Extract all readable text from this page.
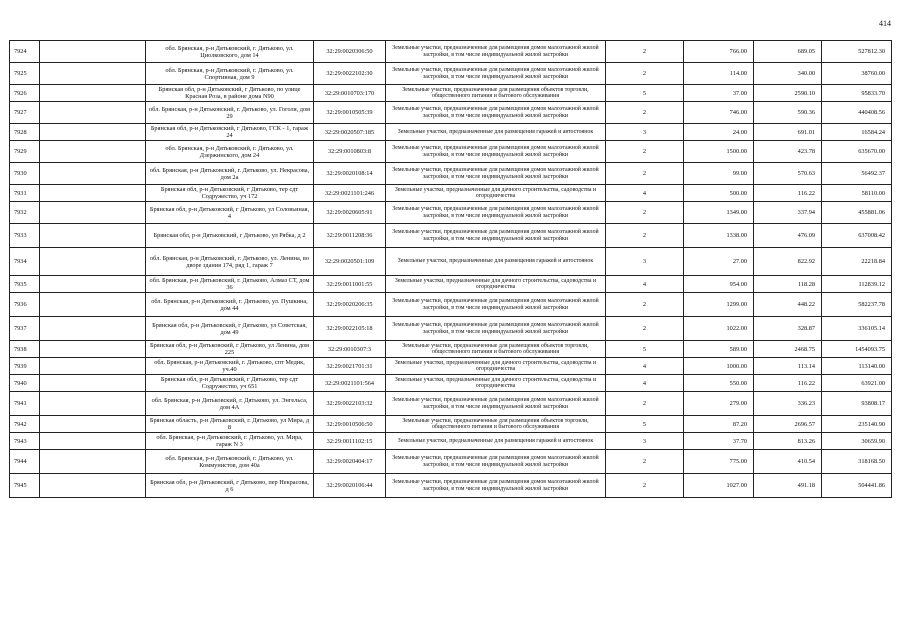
414
7924		обл. Брянская, р-н Дятьковский, г. Дятьково, ул. Циолковского, дом 14	32:29:0020306:50	Земельные участки, предназначенные для размещения домов малоэтажной жилой застройки, в том числе индивидуальной жилой застройки	2	766.00	689.05	527812.30
7925		обл. Брянская, р-н Дятьковский, г. Дятьково, ул. Спортивная, дом 9	32:29:0022102:30	Земельные участки, предназначенные для размещения домов малоэтажной жилой застройки, в том числе индивидуальной жилой застройки	2	114.00	340.00	38760.00
7926		Брянская обл, р-н Дятьковский, г Дятьково, по улице Красная Роза, в районе дома N90	32:29:0010703:170	Земельные участки, предназначенные для размещения объектов торговли, общественного питания и бытового обслуживания	5	37.00	2590.10	95833.70
7927		обл. Брянская, р-н Дятьковский, г. Дятьково, ул. Гоголя, дом 29	32:29:0010505:39	Земельные участки, предназначенные для размещения домов малоэтажной жилой застройки, в том числе индивидуальной жилой застройки	2	746.00	590.36	440408.56
7928		Брянская обл, р-н Дятьковский, г Дятьково, ГСК - 1, гараж 24	32:29:0020507:185	Земельные участки, предназначенные для размещения гаражей и автостоянок	3	24.00	691.01	16584.24
7929		обл. Брянская, р-н Дятьковский, г. Дятьково, ул. Дзержинского, дом 24	32:29:0010803:8	Земельные участки, предназначенные для размещения домов малоэтажной жилой застройки, в том числе индивидуальной жилой застройки	2	1500.00	423.78	635670.00
7930		обл. Брянская, р-н Дятьковский, г. Дятьково, ул. Некрасова, дом 2а	32:29:0020108:14	Земельные участки, предназначенные для размещения домов малоэтажной жилой застройки, в том числе индивидуальной жилой застройки	2	99.00	570.63	56492.37
7931		Брянская обл, р-н Дятьковский, г Дятьково, тер сдт Содружество, уч 172	32:29:0021101:246	Земельные участки, предназначенные для дачного строительства, садоводства и огородничества	4	500.00	116.22	58110.00
7932		Брянская обл, р-н Дятьковский, г Дятьково, ул Соловьиная, 4	32:29:0020605:91	Земельные участки, предназначенные для размещения домов малоэтажной жилой застройки, в том числе индивидуальной жилой застройки	2	1349.00	337.94	455881.06
7933		Брянская обл, р-н Дятьковский, г Дятьково, ул Рябка, д 2	32:29:0011208:36	Земельные участки, предназначенные для размещения домов малоэтажной жилой застройки, в том числе индивидуальной жилой застройки	2	1338.00	476.09	637008.42
7934		обл. Брянская, р-н Дятьковский, г. Дятьково, ул. Ленина, во дворе здания 174, ряд 1, гараж 7	32:29:0020501:109	Земельные участки, предназначенные для размещения гаражей и автостоянок	3	27.00	822.92	22218.84
7935		обл. Брянская, р-н Дятьковский, г. Дятьково, Алмаз СТ, дом 36	32:29:0011001:55	Земельные участки, предназначенные для дачного строительства, садоводства и огородничества	4	954.00	118.28	112839.12
7936		обл. Брянская, р-н Дятьковский, г. Дятьково, ул. Пушкина, дом 44	32:29:0020206:35	Земельные участки, предназначенные для размещения домов малоэтажной жилой застройки, в том числе индивидуальной жилой застройки	2	1299.00	448.22	582237.78
7937		Брянская обл, р-н Дятьковский, г Дятьково, ул Советская, дом 49	32:29:0022105:18	Земельные участки, предназначенные для размещения домов малоэтажной жилой застройки, в том числе индивидуальной жилой застройки	2	1022.00	328.87	336105.14
7938		Брянская обл, р-н Дятьковский, г Дятьково, ул Ленина, дом 225	32:29:0010307:3	Земельные участки, предназначенные для размещения объектов торговли, общественного питания и бытового обслуживания	5	589.00	2468.75	1454093.75
7939		обл. Брянская, р-н Дятьковский, г. Дятьково, спт Медик, уч.40	32:29:0021701:31	Земельные участки, предназначенные для дачного строительства, садоводства и огородничества	4	1000.00	113.14	113140.00
7940		Брянская обл, р-н Дятьковский, г Дятьково, тер сдт Содружество, уч 651	32:29:0021101:564	Земельные участки, предназначенные для дачного строительства, садоводства и огородничества	4	550.00	116.22	63921.00
7941		обл. Брянская, р-н Дятьковский, г. Дятьково, ул. Энгельса, дом 4А	32:29:0022103:32	Земельные участки, предназначенные для размещения домов малоэтажной жилой застройки, в том числе индивидуальной жилой застройки	2	279.00	336.23	93808.17
7942		Брянская область, р-н Дятьковский, г. Дятьково, ул Мира, д 8	32:29:0010506:50	Земельные участки, предназначенные для размещения объектов торговли, общественного питания и бытового обслуживания	5	87.20	2696.57	235140.90
7943		обл. Брянская, р-н Дятьковский, г. Дятьково, ул. Мира, гараж N 3	32:29:0011102:15	Земельные участки, предназначенные для размещения гаражей и автостоянок	3	37.70	813.26	30659.90
7944		обл. Брянская, р-н Дятьковский, г. Дятьково, ул. Коммунистов, дом 40а	32:29:0020404:17	Земельные участки, предназначенные для размещения домов малоэтажной жилой застройки, в том числе индивидуальной жилой застройки	2	775.00	410.54	318168.50
7945		Брянская обл, р-н Дятьковский, г Дятьково, пер Некрасова, д 6	32:29:0020106:44	Земельные участки, предназначенные для размещения домов малоэтажной жилой застройки, в том числе индивидуальной жилой застройки	2	1027.00	491.18	504441.86
